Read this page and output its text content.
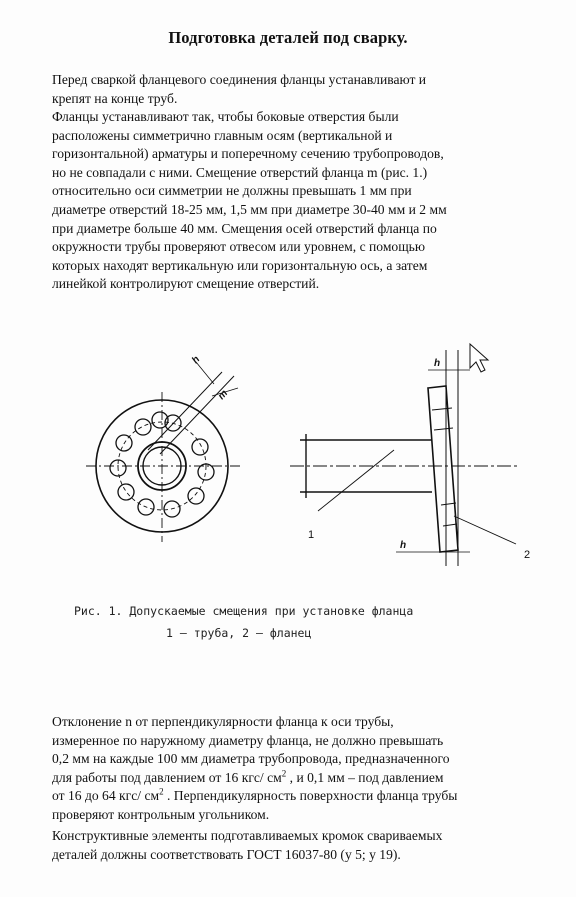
Подготовка деталей под сварку.
Перед сваркой фланцевого соединения фланцы устанавливают и
крепят на конце труб.
Фланцы устанавливают так, чтобы боковые отверстия были
расположены симметрично главным осям (вертикальной и
горизонтальной) арматуры и поперечному сечению трубопроводов,
но не совпадали с ними. Смещение отверстий фланца m (рис. 1.)
относительно оси симметрии не должны превышать 1 мм при
диаметре отверстий 18-25 мм, 1,5 мм при диаметре 30-40 мм и 2 мм
при диаметре больше 40 мм. Смещения осей отверстий фланца по
окружности трубы проверяют отвесом или уровнем, с помощью
которых находят вертикальную или горизонтальную ось, а затем
линейкой контролируют смещение отверстий.
h
m
h
h
1
2
Рис. 1. Допускаемые смещения при установке фланца
1 – труба, 2 – фланец
Отклонение n от перпендикулярности фланца к оси трубы,
измеренное по наружному диаметру фланца, не должно превышать
0,2 мм на каждые 100 мм диаметра трубопровода, предназначенного
для работы под давлением от 16 кгс/ $см^2$ , и 0,1 мм – под давлением
от 16 до 64 кгс/ $см^2$ . Перпендикулярность поверхности фланца трубы
проверяют контрольным угольником.
Конструктивные элементы подготавливаемых кромок свариваемых
деталей должны соответствовать ГОСТ 16037-80 (у 5; у 19).
